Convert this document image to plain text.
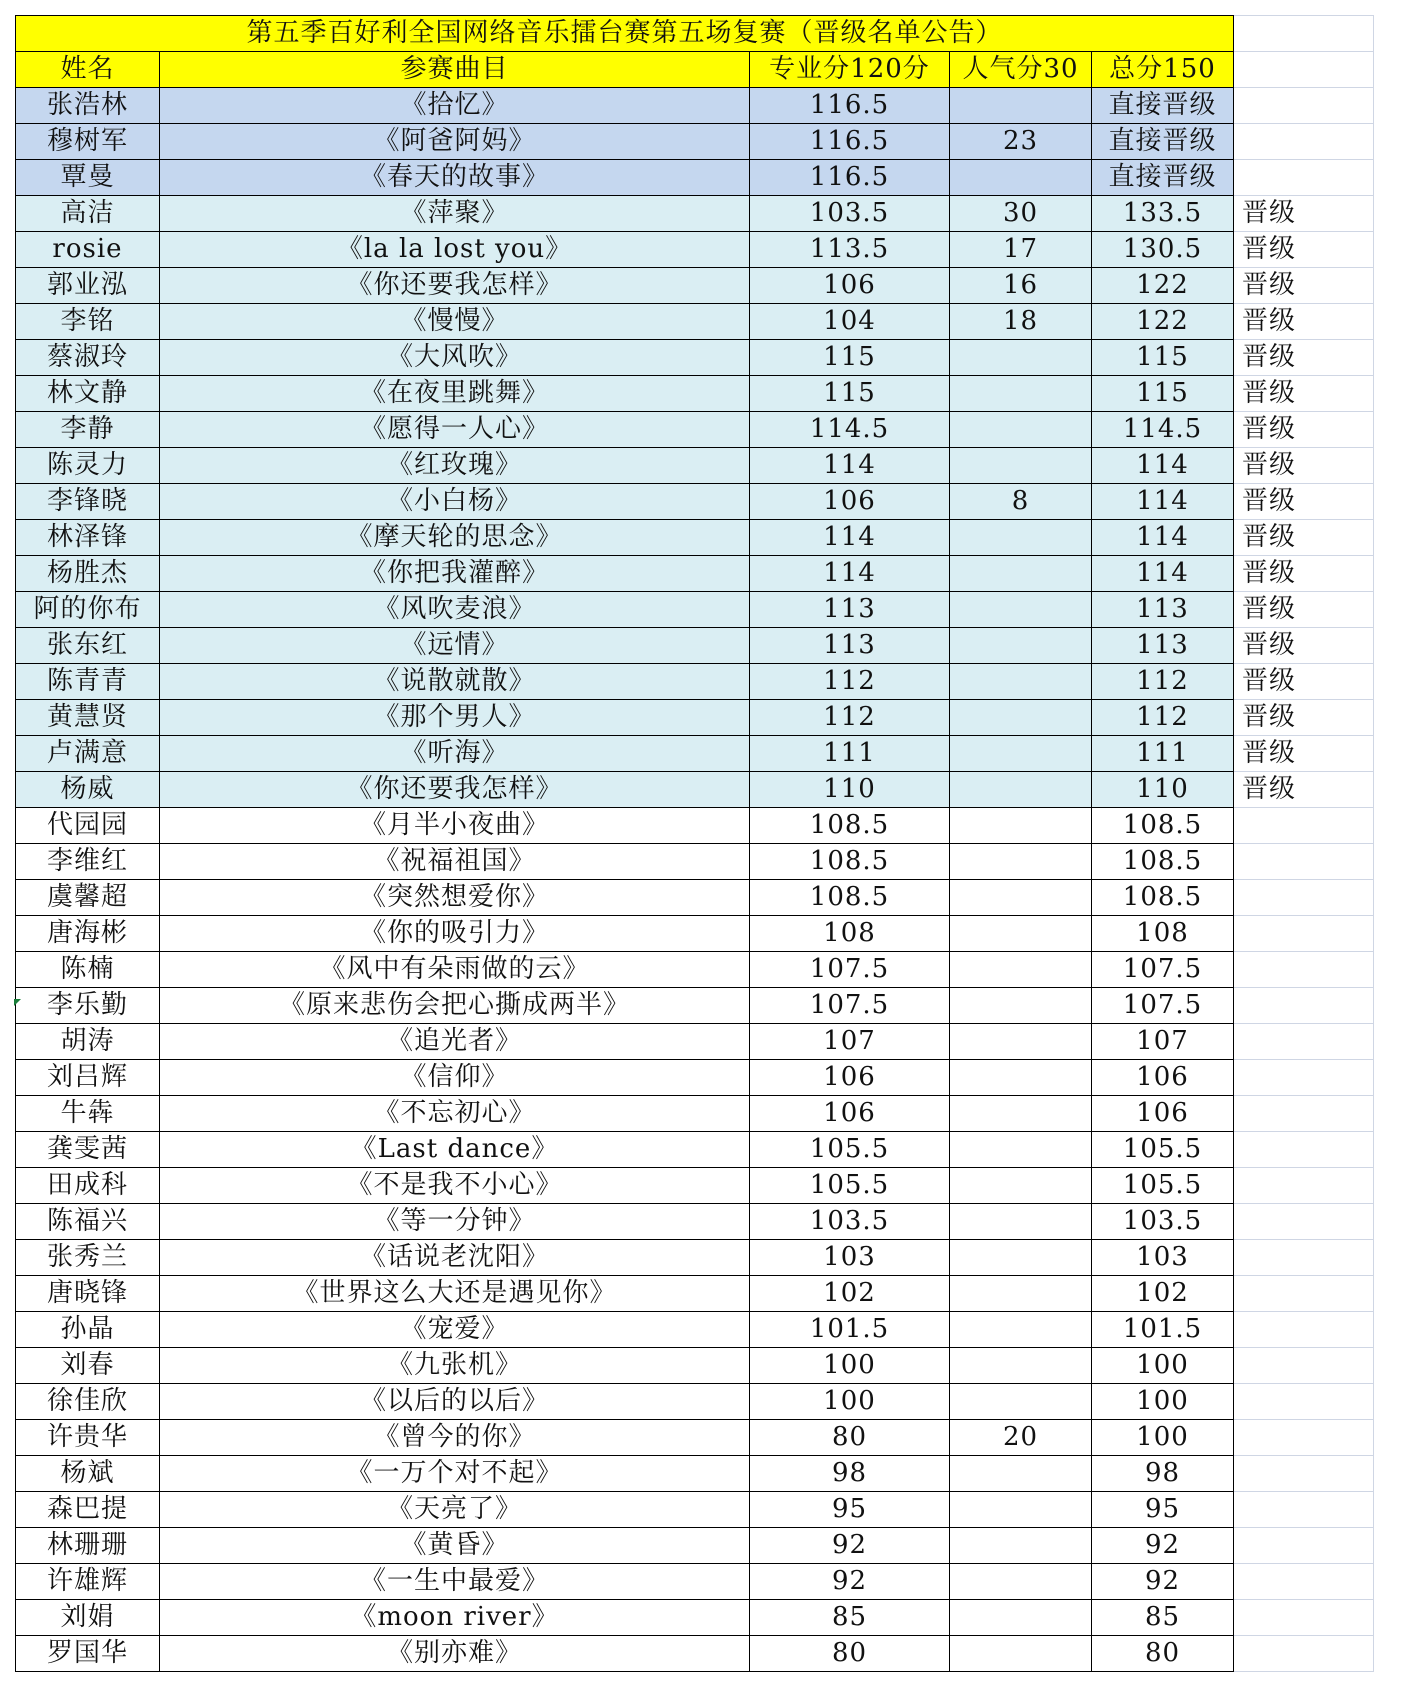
第五季百好利全国网络音乐擂台赛第五场复赛（晋级名单公告）					
姓名	参赛曲目	专业分120分	人气分30	总分150	
张浩林	《拾忆》	116.5		直接晋级	
穆树军	《阿爸阿妈》	116.5	23	直接晋级	
覃曼	《春天的故事》	116.5		直接晋级	
高洁	《萍聚》	103.5	30	133.5	晋级
rosie	《la la lost you》	113.5	17	130.5	晋级
郭业泓	《你还要我怎样》	106	16	122	晋级
李铭	《慢慢》	104	18	122	晋级
蔡淑玲	《大风吹》	115		115	晋级
林文静	《在夜里跳舞》	115		115	晋级
李静	《愿得一人心》	114.5		114.5	晋级
陈灵力	《红玫瑰》	114		114	晋级
李锋晓	《小白杨》	106	8	114	晋级
林泽锋	《摩天轮的思念》	114		114	晋级
杨胜杰	《你把我灌醉》	114		114	晋级
阿的你布	《风吹麦浪》	113		113	晋级
张东红	《远情》	113		113	晋级
陈青青	《说散就散》	112		112	晋级
黄慧贤	《那个男人》	112		112	晋级
卢满意	《听海》	111		111	晋级
杨威	《你还要我怎样》	110		110	晋级
代园园	《月半小夜曲》	108.5		108.5	
李维红	《祝福祖国》	108.5		108.5	
虞馨超	《突然想爱你》	108.5		108.5	
唐海彬	《你的吸引力》	108		108	
陈楠	《风中有朵雨做的云》	107.5		107.5	
李乐勤	《原来悲伤会把心撕成两半》	107.5		107.5	
胡涛	《追光者》	107		107	
刘吕辉	《信仰》	106		106	
牛犇	《不忘初心》	106		106	
龚雯茜	《Last dance》	105.5		105.5	
田成科	《不是我不小心》	105.5		105.5	
陈福兴	《等一分钟》	103.5		103.5	
张秀兰	《话说老沈阳》	103		103	
唐晓锋	《世界这么大还是遇见你》	102		102	
孙晶	《宠爱》	101.5		101.5	
刘春	《九张机》	100		100	
徐佳欣	《以后的以后》	100		100	
许贵华	《曾今的你》	80	20	100	
杨斌	《一万个对不起》	98		98	
森巴提	《天亮了》	95		95	
林珊珊	《黄昏》	92		92	
许雄辉	《一生中最爱》	92		92	
刘娟	《moon river》	85		85	
罗国华	《别亦难》	80		80	
